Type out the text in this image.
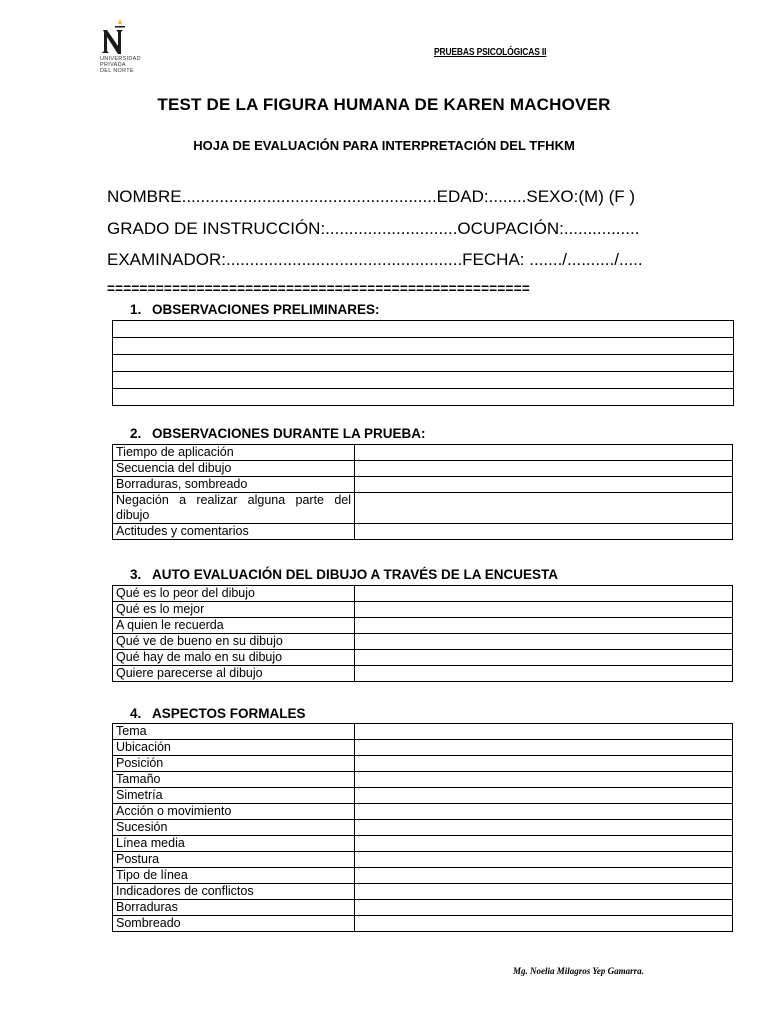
UNIVERSIDAD
PRIVADA
DEL NORTE
PRUEBAS PSICOLÓGICAS II
TEST DE LA FIGURA HUMANA DE KAREN MACHOVER
HOJA DE EVALUACIÓN PARA INTERPRETACIÓN DEL TFHKM
NOMBRE......................................................EDAD:........SEXO:(M) (F )
GRADO DE INSTRUCCIÓN:............................OCUPACIÓN:................
EXAMINADOR:..................................................FECHA: ......./........../.....
====================================================
1. OBSERVACIONES PRELIMINARES:

2. OBSERVACIONES DURANTE LA PRUEBA:
Tiempo de aplicación	
Secuencia del dibujo	
Borraduras, sombreado	
Negación a realizar alguna parte del dibujo	
Actitudes y comentarios	
3. AUTO EVALUACIÓN DEL DIBUJO A TRAVÉS DE LA ENCUESTA
Qué es lo peor del dibujo	
Qué es lo mejor	
A quien le recuerda	
Qué ve de bueno en su dibujo	
Qué hay de malo en su dibujo	
Quiere parecerse al dibujo	
4. ASPECTOS FORMALES
Tema	
Ubicación	
Posición	
Tamaño	
Simetría	
Acción o movimiento	
Sucesión	
Línea media	
Postura	
Tipo de línea	
Indicadores de conflictos	
Borraduras	
Sombreado	
Mg. Noelia Milagros Yep Gamarra.
